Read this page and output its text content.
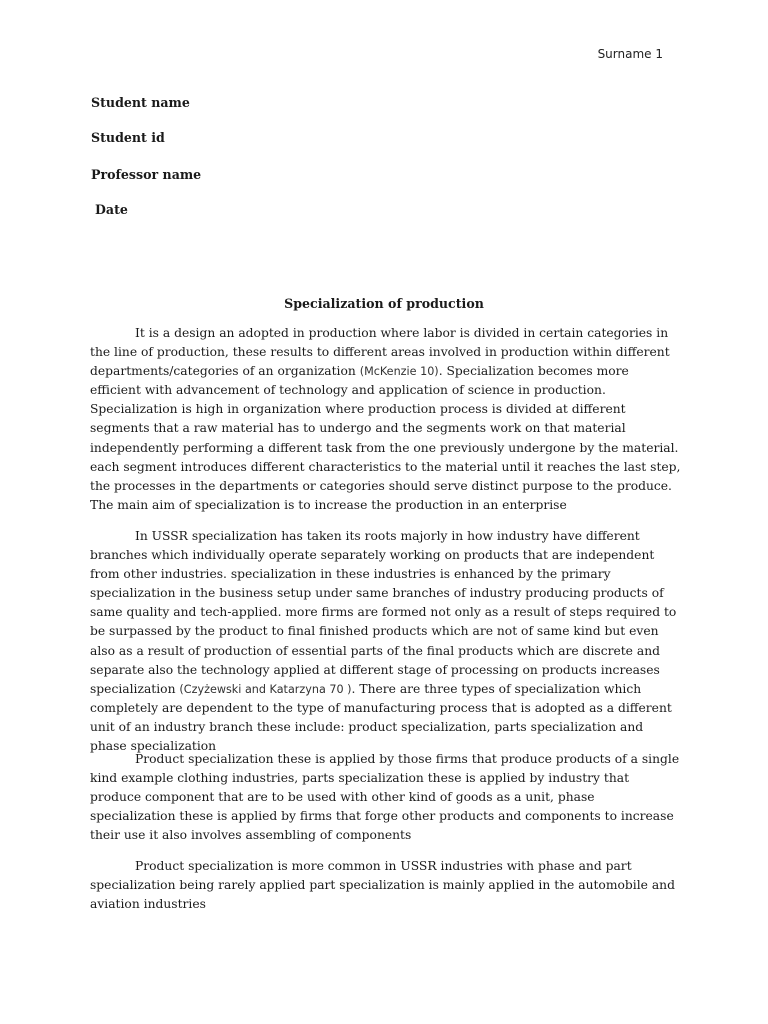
Surname 1
Student name
Student id
Professor name
Date
Specialization of production
It is a design an adopted in production where labor is divided in certain categories in the line of production, these results to different areas involved in production within different departments/categories of an organization (McKenzie 10). Specialization becomes more efficient with advancement of technology and application of science in production. Specialization is high in organization where production process is divided at different segments that a raw material has to undergo and the segments work on that material independently performing a different task from the one previously undergone by the material. each segment introduces different characteristics to the material until it reaches the last step, the processes in the departments or categories should serve distinct purpose to the produce. The main aim of specialization is to increase the production in an enterprise
In USSR specialization has taken its roots majorly in how industry have different branches which individually operate separately working on products that are independent from other industries. specialization in these industries is enhanced by the primary specialization in the business setup under same branches of industry producing products of same quality and tech-applied. more firms are formed not only as a result of steps required to be surpassed by the product to final finished products which are not of same kind but even also as a result of production of essential parts of the final products which are discrete and separate also the technology applied at different stage of processing on products increases specialization (Czyżewski and Katarzyna 70 ). There are three types of specialization which completely are dependent to the type of manufacturing process that is adopted as a different unit of an industry branch these include: product specialization, parts specialization and phase specialization
Product specialization these is applied by those firms that produce products of a single kind example clothing industries, parts specialization these is applied by industry that produce component that are to be used with other kind of goods as a unit, phase specialization these is applied by firms that forge other products and components to increase their use it also involves assembling of components
Product specialization is more common in USSR industries with phase and part specialization being rarely applied part specialization is mainly applied in the automobile and aviation industries
